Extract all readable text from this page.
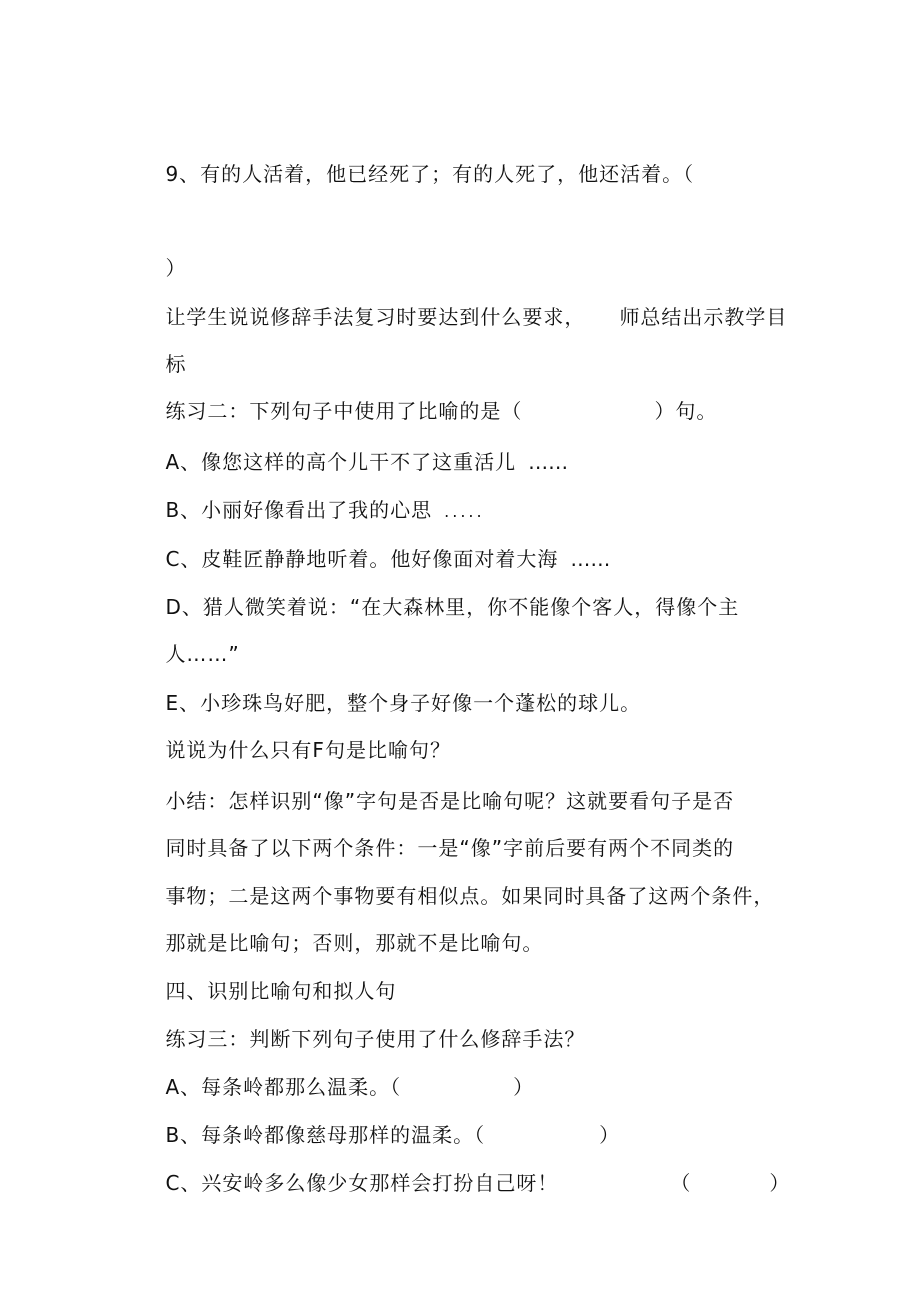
9、有的人活着，他已经死了；有的人死了，他还活着。（

）

让学生说说修辞手法复习时要达到什么要求， 师总结出示教学目

标

练习二：下列句子中使用了比喻的是（	）句。

A、像您这样的高个儿干不了这重活儿 ……

B、小丽好像看出了我的心思 .....

C、皮鞋匠静静地听着。他好像面对着大海 ……

D、猎人微笑着说：“在大森林里，你不能像个客人，得像个主

人……”

E、小珍珠鸟好肥，整个身子好像一个蓬松的球儿。

说说为什么只有F句是比喻句？

小结：怎样识别“像”字句是否是比喻句呢？这就要看句子是否

同时具备了以下两个条件：一是“像”字前后要有两个不同类的

事物；二是这两个事物要有相似点。如果同时具备了这两个条件，

那就是比喻句；否则，那就不是比喻句。

四、识别比喻句和拟人句

练习三：判断下列句子使用了什么修辞手法？

A、每条岭都那么温柔。（	）

B、每条岭都像慈母那样的温柔。（	）

C、兴安岭多么像少女那样会打扮自己呀！	（	）
